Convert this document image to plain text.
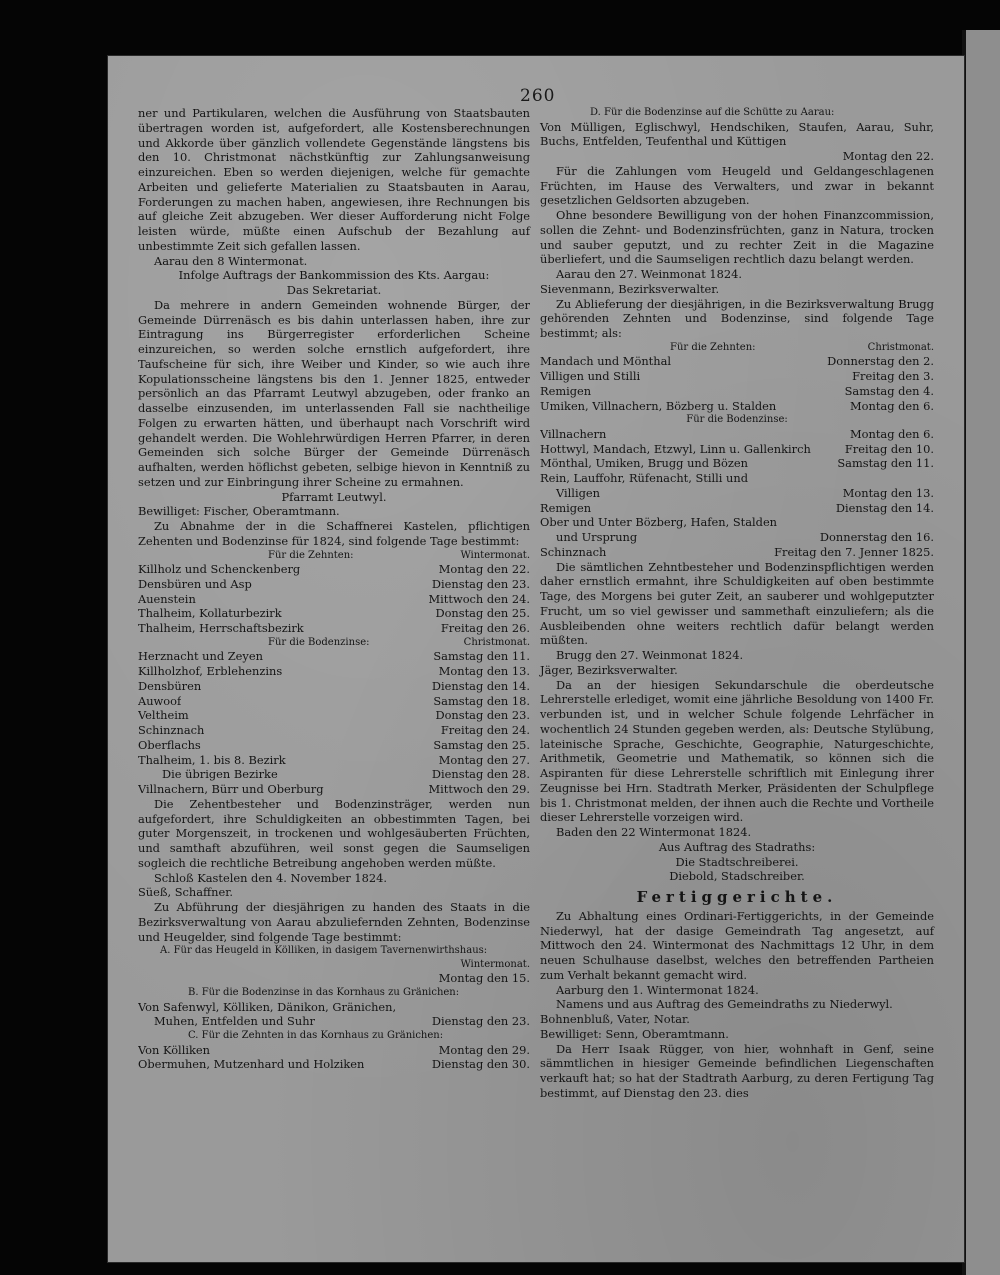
260

ner und Partikularen, welchen die Ausführung von Staatsbauten übertragen worden ist, aufgefordert, alle Kostensberechnungen und Akkorde über gänzlich vollendete Gegenstände längstens bis den 10. Christmonat nächstkünftig zur Zahlungsanweisung einzureichen. Eben so werden diejenigen, welche für gemachte Arbeiten und gelieferte Materialien zu Staatsbauten in Aarau, Forderungen zu machen haben, angewiesen, ihre Rechnungen bis auf gleiche Zeit abzugeben. Wer dieser Aufforderung nicht Folge leisten würde, müßte einen Aufschub der Bezahlung auf unbestimmte Zeit sich gefallen lassen.

Aarau den 8 Wintermonat.

Infolge Auftrags der Bankommission des Kts. Aargau:

Das Sekretariat.

Da mehrere in andern Gemeinden wohnende Bürger, der Gemeinde Dürrenäsch es bis dahin unterlassen haben, ihre zur Eintragung ins Bürgerregister erforderlichen Scheine einzureichen, so werden solche ernstlich aufgefordert, ihre Taufscheine für sich, ihre Weiber und Kinder, so wie auch ihre Kopulationsscheine längstens bis den 1. Jenner 1825, entweder persönlich an das Pfarramt Leutwyl abzugeben, oder franko an dasselbe einzusenden, im unterlassenden Fall sie nachtheilige Folgen zu erwarten hätten, und überhaupt nach Vorschrift wird gehandelt werden. Die Wohlehrwürdigen Herren Pfarrer, in deren Gemeinden sich solche Bürger der Gemeinde Dürrenäsch aufhalten, werden höflichst gebeten, selbige hievon in Kenntniß zu setzen und zur Einbringung ihrer Scheine zu ermahnen.

Pfarramt Leutwyl.

Bewilliget: Fischer, Oberamtmann.

Zu Abnahme der in die Schaffnerei Kastelen, pflichtigen Zehenten und Bodenzinse für 1824, sind folgende Tage bestimmt:

Für die Zehnten:	Wintermonat.
Killholz und Schenckenberg	Montag den 22.
Densbüren und Asp	Dienstag den 23.
Auenstein	Mittwoch den 24.
Thalheim, Kollaturbezirk	Donstag den 25.
Thalheim, Herrschaftsbezirk	Freitag den 26.
Für die Bodenzinse:	Christmonat.
Herznacht und Zeyen	Samstag den 11.
Killholzhof, Erblehenzins	Montag den 13.
Densbüren	Dienstag den 14.
Auwoof	Samstag den 18.
Veltheim	Donstag den 23.
Schinznach	Freitag den 24.
Oberflachs	Samstag den 25.
Thalheim, 1. bis 8. Bezirk	Montag den 27.
Die übrigen Bezirke	Dienstag den 28.
Villnachern, Bürr und Oberburg	Mittwoch den 29.

Die Zehentbesteher und Bodenzinsträger, werden nun aufgefordert, ihre Schuldigkeiten an obbestimmten Tagen, bei guter Morgenszeit, in trockenen und wohlgesäuberten Früchten, und samthaft abzuführen, weil sonst gegen die Saumseligen sogleich die rechtliche Betreibung angehoben werden müßte.

Schloß Kastelen den 4. November 1824.

Süeß, Schaffner.

Zu Abführung der diesjährigen zu handen des Staats in die Bezirksverwaltung von Aarau abzuliefernden Zehnten, Bodenzinse und Heugelder, sind folgende Tage bestimmt:

A. Für das Heugeld in Kölliken, in dasigem Tavernenwirthshaus:

Wintermonat.

Montag den 15.

B. Für die Bodenzinse in das Kornhaus zu Gränichen:

Von Safenwyl, Kölliken, Dänikon, Gränichen,
Muhen, Entfelden und Suhr	Dienstag den 23.

C. Für die Zehnten in das Kornhaus zu Gränichen:

Von Kölliken	Montag den 29.
Obermuhen, Mutzenhard und Holziken	Dienstag den 30.

D. Für die Bodenzinse auf die Schütte zu Aarau:

Von Mülligen, Eglischwyl, Hendschiken, Staufen, Aarau, Suhr, Buchs, Entfelden, Teufenthal und Küttigen

Montag den 22.

Für die Zahlungen vom Heugeld und Geldangeschlagenen Früchten, im Hause des Verwalters, und zwar in bekannt gesetzlichen Geldsorten abzugeben.

Ohne besondere Bewilligung von der hohen Finanzcommission, sollen die Zehnt- und Bodenzinsfrüchten, ganz in Natura, trocken und sauber geputzt, und zu rechter Zeit in die Magazine überliefert, und die Saumseligen rechtlich dazu belangt werden.

Aarau den 27. Weinmonat 1824.

Sievenmann, Bezirksverwalter.

Zu Ablieferung der diesjährigen, in die Bezirksverwaltung Brugg gehörenden Zehnten und Bodenzinse, sind folgende Tage bestimmt; als:

Für die Zehnten:	Christmonat.
Mandach und Mönthal	Donnerstag den 2.
Villigen und Stilli	Freitag den 3.
Remigen	Samstag den 4.
Umiken, Villnachern, Bözberg u. Stalden	Montag den 6.

Für die Bodenzinse:

Villnachern	Montag den 6.
Hottwyl, Mandach, Etzwyl, Linn u. Gallenkirch	Freitag den 10.
Mönthal, Umiken, Brugg und Bözen	Samstag den 11.
Rein, Lauffohr, Rüfenacht, Stilli und
Villigen	Montag den 13.
Remigen	Dienstag den 14.
Ober und Unter Bözberg, Hafen, Stalden
und Ursprung	Donnerstag den 16.
Schinznach	Freitag den 7. Jenner 1825.

Die sämtlichen Zehntbesteher und Bodenzinspflichtigen werden daher ernstlich ermahnt, ihre Schuldigkeiten auf oben bestimmte Tage, des Morgens bei guter Zeit, an sauberer und wohlgeputzter Frucht, um so viel gewisser und sammethaft einzuliefern; als die Ausbleibenden ohne weiters rechtlich dafür belangt werden müßten.

Brugg den 27. Weinmonat 1824.

Jäger, Bezirksverwalter.

Da an der hiesigen Sekundarschule die oberdeutsche Lehrerstelle erlediget, womit eine jährliche Besoldung von 1400 Fr. verbunden ist, und in welcher Schule folgende Lehrfächer in wochentlich 24 Stunden gegeben werden, als: Deutsche Stylübung, lateinische Sprache, Geschichte, Geographie, Naturgeschichte, Arithmetik, Geometrie und Mathematik, so können sich die Aspiranten für diese Lehrerstelle schriftlich mit Einlegung ihrer Zeugnisse bei Hrn. Stadtrath Merker, Präsidenten der Schulpflege bis 1. Christmonat melden, der ihnen auch die Rechte und Vortheile dieser Lehrerstelle vorzeigen wird.

Baden den 22 Wintermonat 1824.

Aus Auftrag des Stadraths:

Die Stadtschreiberei.

Diebold, Stadschreiber.

Fertiggerichte.

Zu Abhaltung eines Ordinari-Fertiggerichts, in der Gemeinde Niederwyl, hat der dasige Gemeindrath Tag angesetzt, auf Mittwoch den 24. Wintermonat des Nachmittags 12 Uhr, in dem neuen Schulhause daselbst, welches den betreffenden Partheien zum Verhalt bekannt gemacht wird.

Aarburg den 1. Wintermonat 1824.

Namens und aus Auftrag des Gemeindraths zu Niederwyl.

Bohnenbluß, Vater, Notar.

Bewilliget: Senn, Oberamtmann.

Da Herr Isaak Rügger, von hier, wohnhaft in Genf, seine sämmtlichen in hiesiger Gemeinde befindlichen Liegenschaften verkauft hat; so hat der Stadtrath Aarburg, zu deren Fertigung Tag bestimmt, auf Dienstag den 23. dies
